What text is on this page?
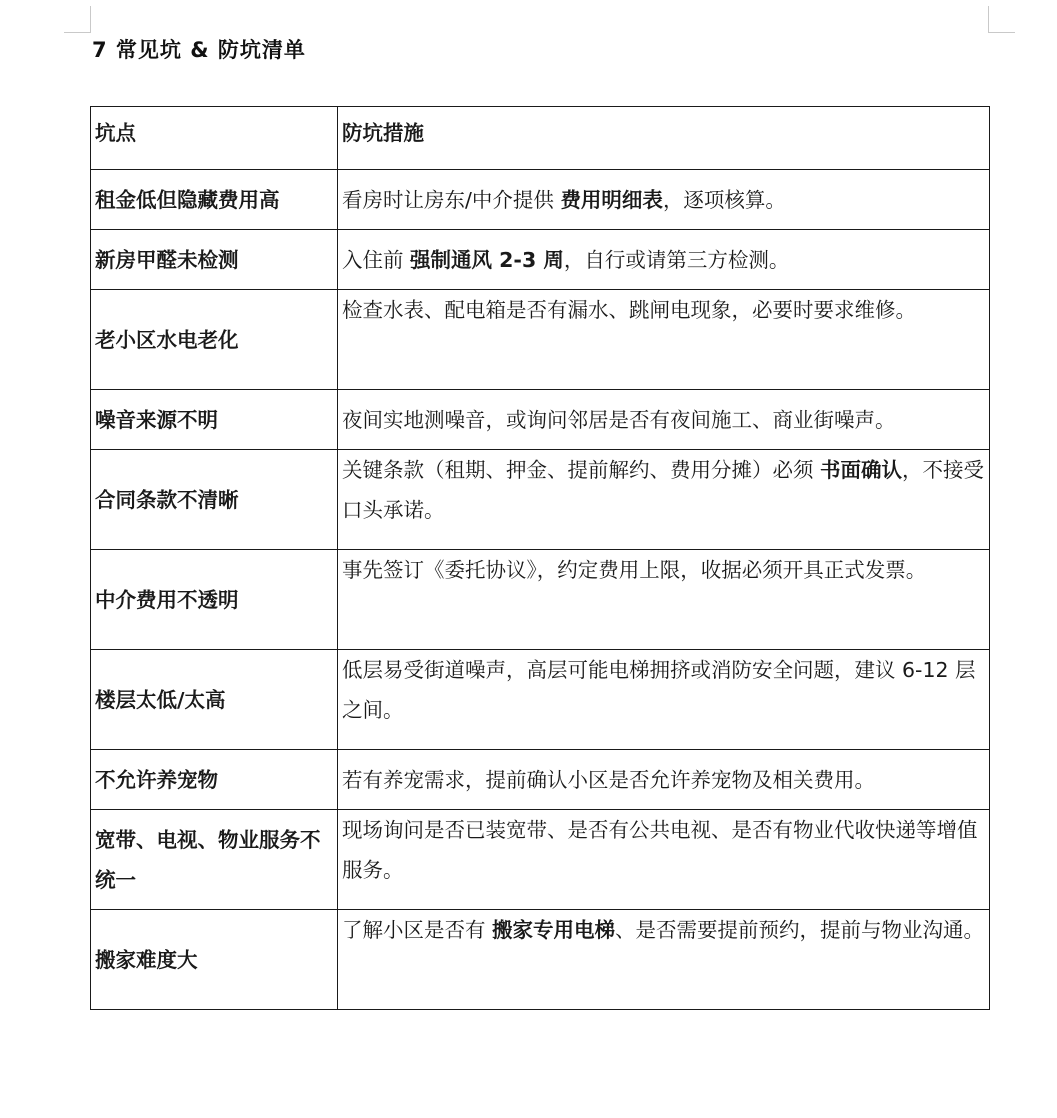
7 常见坑 & 防坑清单
坑点	防坑措施
租金低但隐藏费用高	看房时让房东/中介提供 费用明细表，逐项核算。
新房甲醛未检测	入住前 强制通风 2-3 周，自行或请第三方检测。
老小区水电老化	检查水表、配电箱是否有漏水、跳闸电现象，必要时要求维修。
噪音来源不明	夜间实地测噪音，或询问邻居是否有夜间施工、商业街噪声。
合同条款不清晰	关键条款（租期、押金、提前解约、费用分摊）必须 书面确认，不接受口头承诺。
中介费用不透明	事先签订《委托协议》，约定费用上限，收据必须开具正式发票。
楼层太低/太高	低层易受街道噪声，高层可能电梯拥挤或消防安全问题，建议 6-12 层之间。
不允许养宠物	若有养宠需求，提前确认小区是否允许养宠物及相关费用。
宽带、电视、物业服务不统一	现场询问是否已装宽带、是否有公共电视、是否有物业代收快递等增值服务。
搬家难度大	了解小区是否有 搬家专用电梯、是否需要提前预约，提前与物业沟通。
